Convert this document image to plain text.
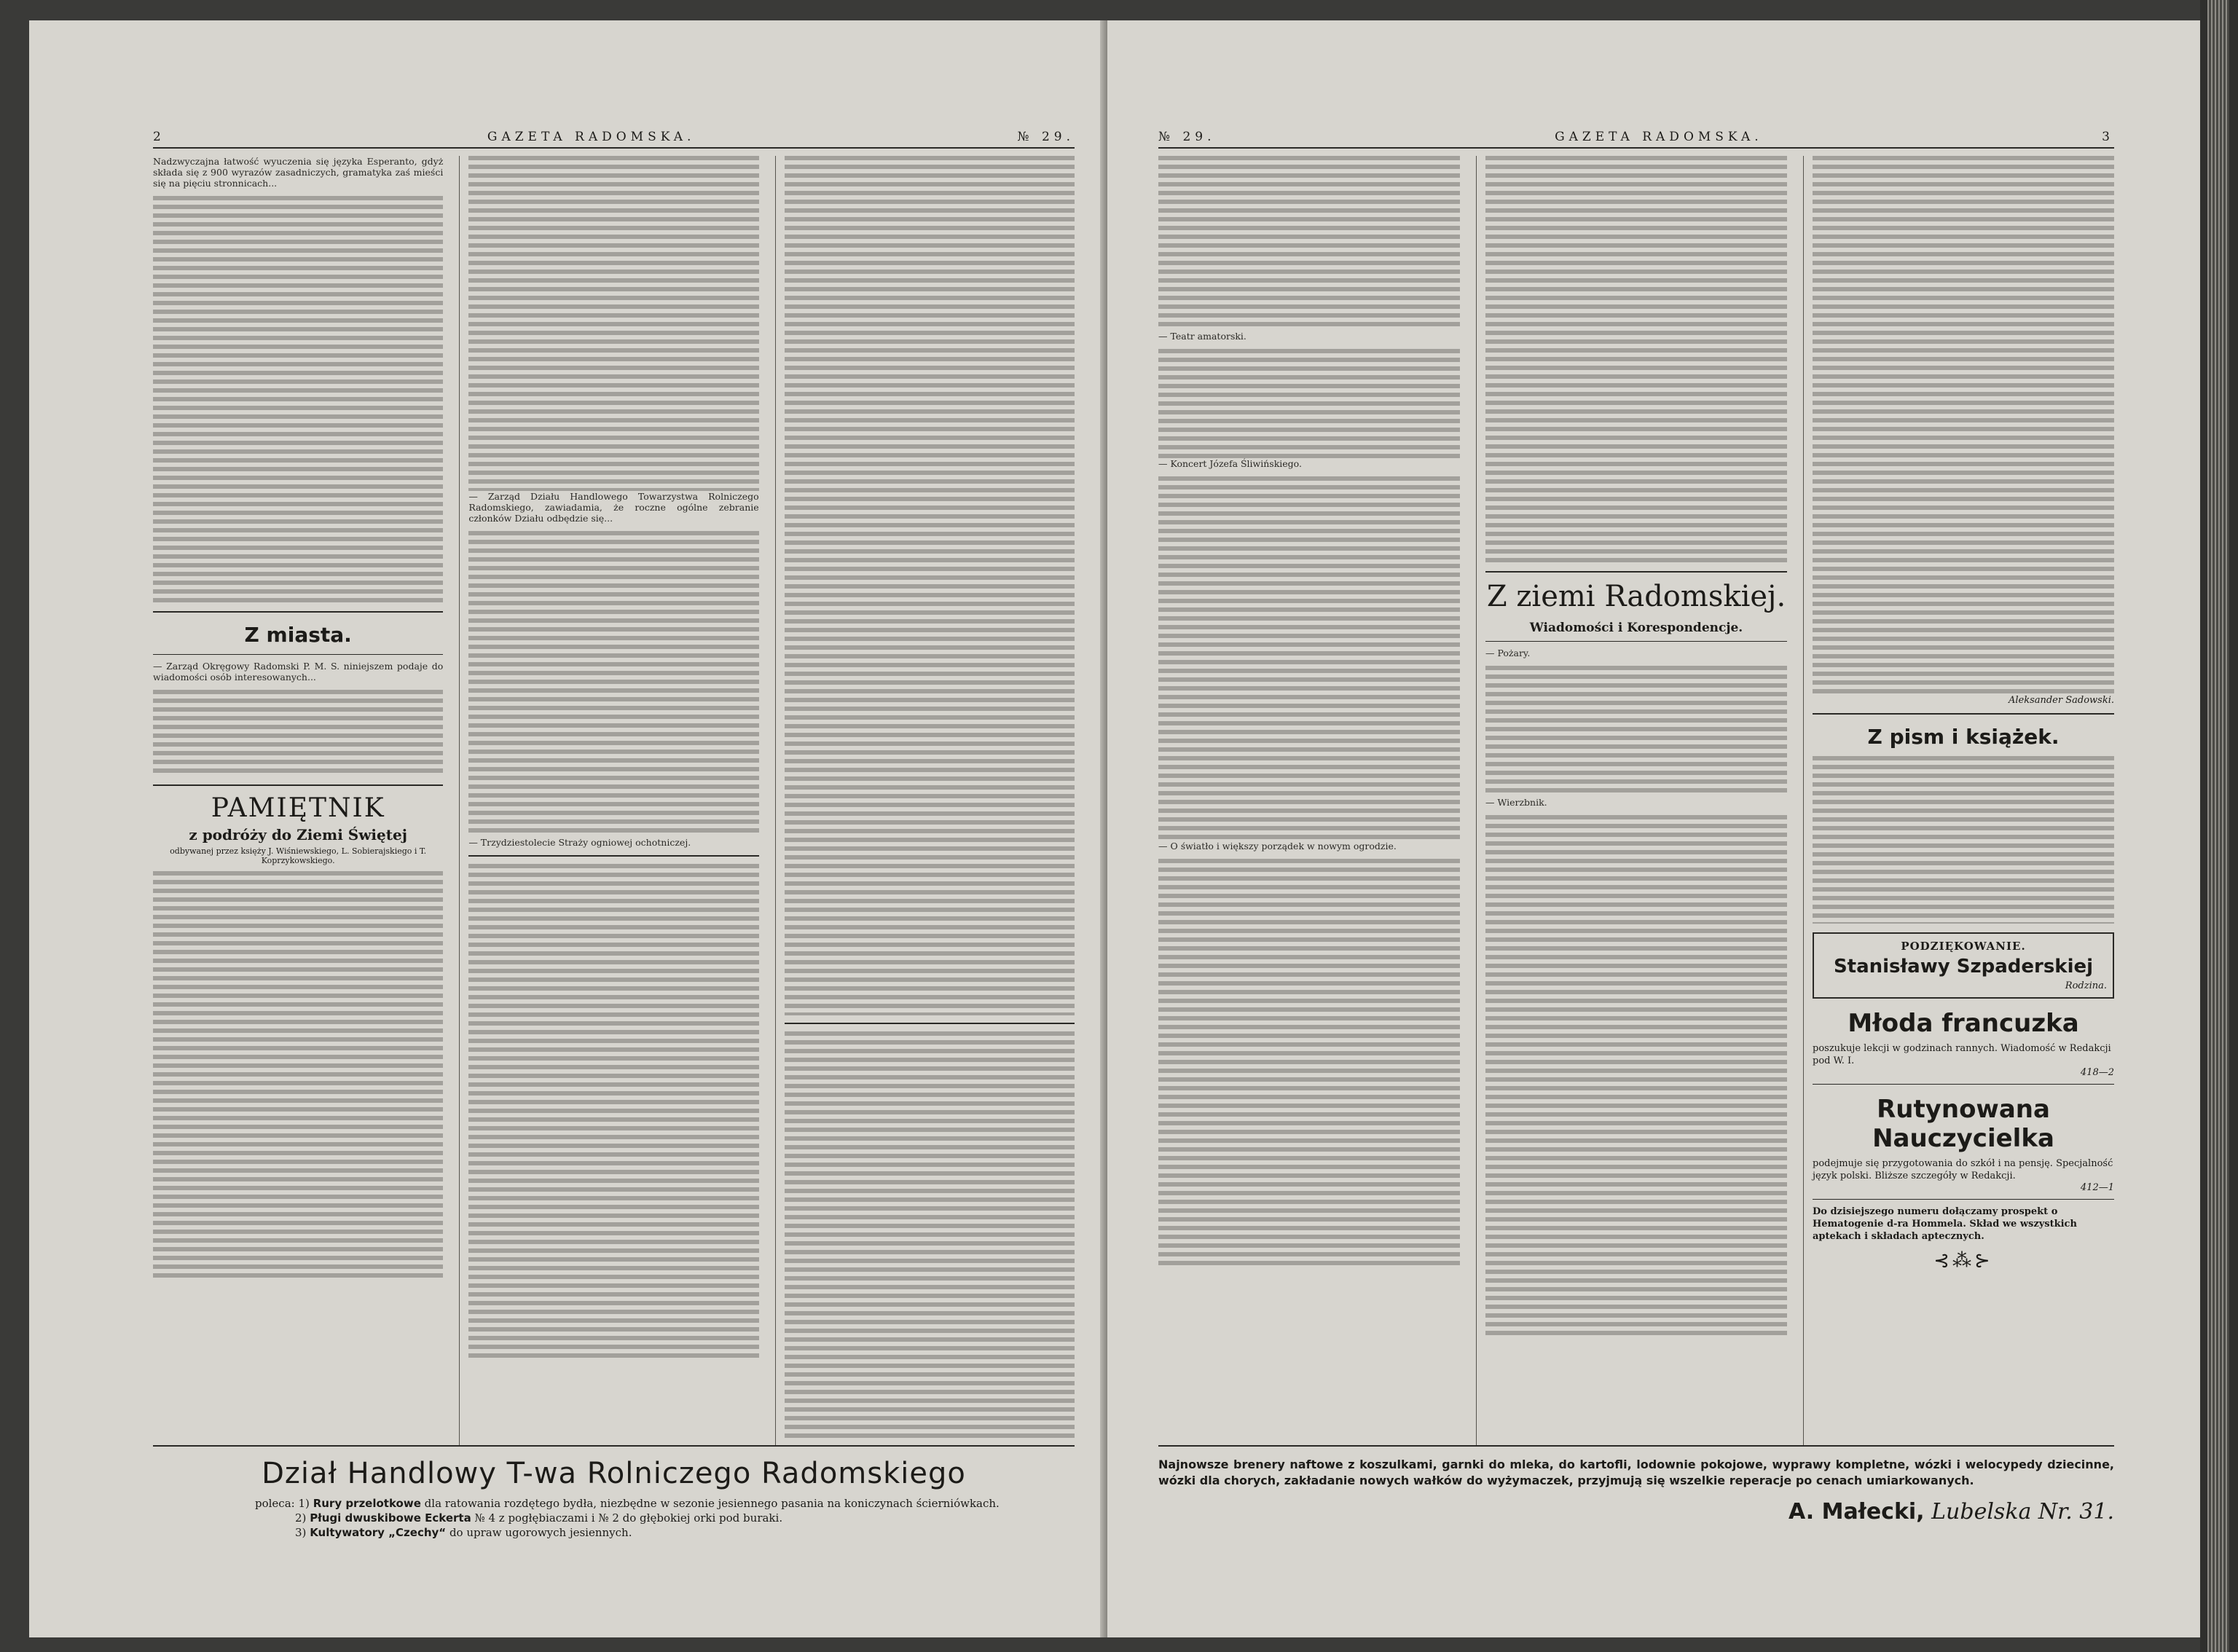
2	GAZETA RADOMSKA.	№ 29.

Nadzwyczajna łatwość wyuczenia się języka Esperanto, gdyż składa się z 900 wyrazów zasadniczych, gramatyka zaś mieści się na pięciu stronnicach...

Z miasta.

— Zarząd Okręgowy Radomski P. M. S. niniejszem podaje do wiadomości osób interesowanych...

PAMIĘTNIK
z podróży do Ziemi Świętej
odbywanej przez księży J. Wiśniewskiego, L. Sobierajskiego i T. Koprzykowskiego.

— Zarząd Działu Handlowego Towarzystwa Rolniczego Radomskiego, zawiadamia, że roczne ogólne zebranie członków Działu odbędzie się...

— Trzydziestolecie Straży ogniowej ochotniczej.

Dział Handlowy T-wa Rolniczego Radomskiego
poleca: 1) Rury przelotkowe dla ratowania rozdętego bydła, niezbędne w sezonie jesiennego pasania na koniczynach ścierniówkach.
2) Pługi dwuskibowe Eckerta № 4 z pogłębiaczami i № 2 do głębokiej orki pod buraki.
3) Kultywatory „Czechy“ do upraw ugorowych jesiennych.
№ 29.	GAZETA RADOMSKA.	3

— Teatr amatorski.

— Koncert Józefa Śliwińskiego.

— O światło i większy porządek w nowym ogrodzie.

Z ziemi Radomskiej.
Wiadomości i Korespondencje.

— Pożary.

— Wierzbnik.

Aleksander Sadowski.
Z pism i książek.
PODZIĘKOWANIE.
Stanisławy Szpaderskiej
Rodzina.
Młoda francuzka
poszukuje lekcji w godzinach rannych. Wiadomość w Redakcji pod W. I.
418—2
Rutynowana Nauczycielka
podejmuje się przygotowania do szkół i na pensję. Specjalność język polski. Bliższe szczegóły w Redakcji.
412—1
Do dzisiejszego numeru dołączamy prospekt o Hematogenie d-ra Hommela. Skład we wszystkich aptekach i składach aptecznych.
⊰⁂⊱
Najnowsze brenery naftowe z koszulkami, garnki do mleka, do kartofli, lodownie pokojowe, wyprawy kompletne, wózki i welocypedy dziecinne, wózki dla chorych, zakładanie nowych wałków do wyżymaczek, przyjmują się wszelkie reperacje po cenach umiarkowanych.
A. Małecki, Lubelska Nr. 31.
